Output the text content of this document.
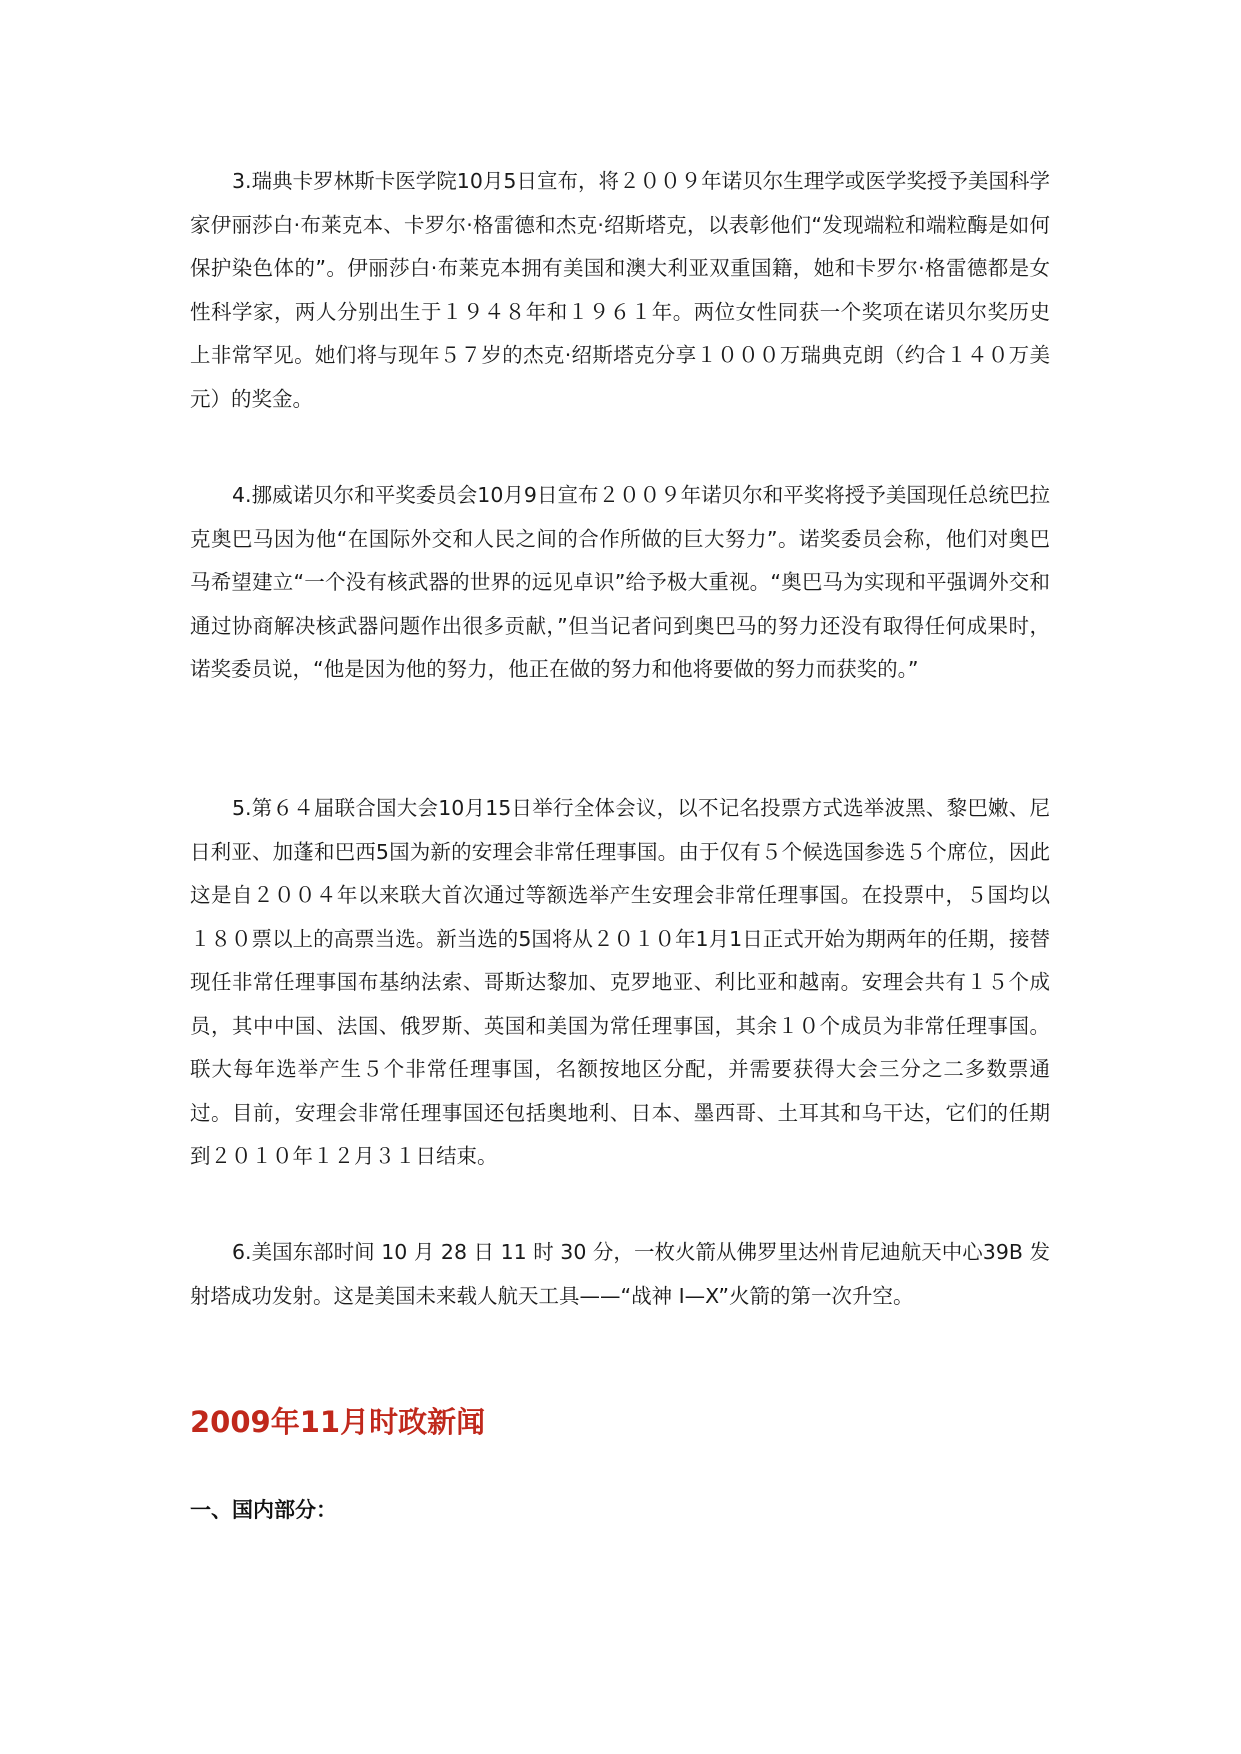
3.瑞典卡罗林斯卡医学院10月5日宣布，将２００９年诺贝尔生理学或医学奖授予美国科学家伊丽莎白·布莱克本、卡罗尔·格雷德和杰克·绍斯塔克，以表彰他们“发现端粒和端粒酶是如何保护染色体的”。伊丽莎白·布莱克本拥有美国和澳大利亚双重国籍，她和卡罗尔·格雷德都是女性科学家，两人分别出生于１９４８年和１９６１年。两位女性同获一个奖项在诺贝尔奖历史上非常罕见。她们将与现年５７岁的杰克·绍斯塔克分享１０００万瑞典克朗（约合１４０万美元）的奖金。

4.挪威诺贝尔和平奖委员会10月9日宣布２００９年诺贝尔和平奖将授予美国现任总统巴拉克奥巴马因为他“在国际外交和人民之间的合作所做的巨大努力”。诺奖委员会称，他们对奥巴马希望建立“一个没有核武器的世界的远见卓识”给予极大重视。“奥巴马为实现和平强调外交和通过协商解决核武器问题作出很多贡献，”但当记者问到奥巴马的努力还没有取得任何成果时，诺奖委员说，“他是因为他的努力，他正在做的努力和他将要做的努力而获奖的。”

5.第６４届联合国大会10月15日举行全体会议，以不记名投票方式选举波黑、黎巴嫩、尼日利亚、加蓬和巴西5国为新的安理会非常任理事国。由于仅有５个候选国参选５个席位，因此这是自２００４年以来联大首次通过等额选举产生安理会非常任理事国。在投票中，５国均以１８０票以上的高票当选。新当选的5国将从２０１０年1月1日正式开始为期两年的任期，接替现任非常任理事国布基纳法索、哥斯达黎加、克罗地亚、利比亚和越南。安理会共有１５个成员，其中中国、法国、俄罗斯、英国和美国为常任理事国，其余１０个成员为非常任理事国。联大每年选举产生５个非常任理事国，名额按地区分配，并需要获得大会三分之二多数票通过。目前，安理会非常任理事国还包括奥地利、日本、墨西哥、土耳其和乌干达，它们的任期到２０１０年１２月３１日结束。

6.美国东部时间 10 月 28 日 11 时 30 分，一枚火箭从佛罗里达州肯尼迪航天中心39B 发射塔成功发射。这是美国未来载人航天工具——“战神 I—X”火箭的第一次升空。

2009年11月时政新闻
一、国内部分：
